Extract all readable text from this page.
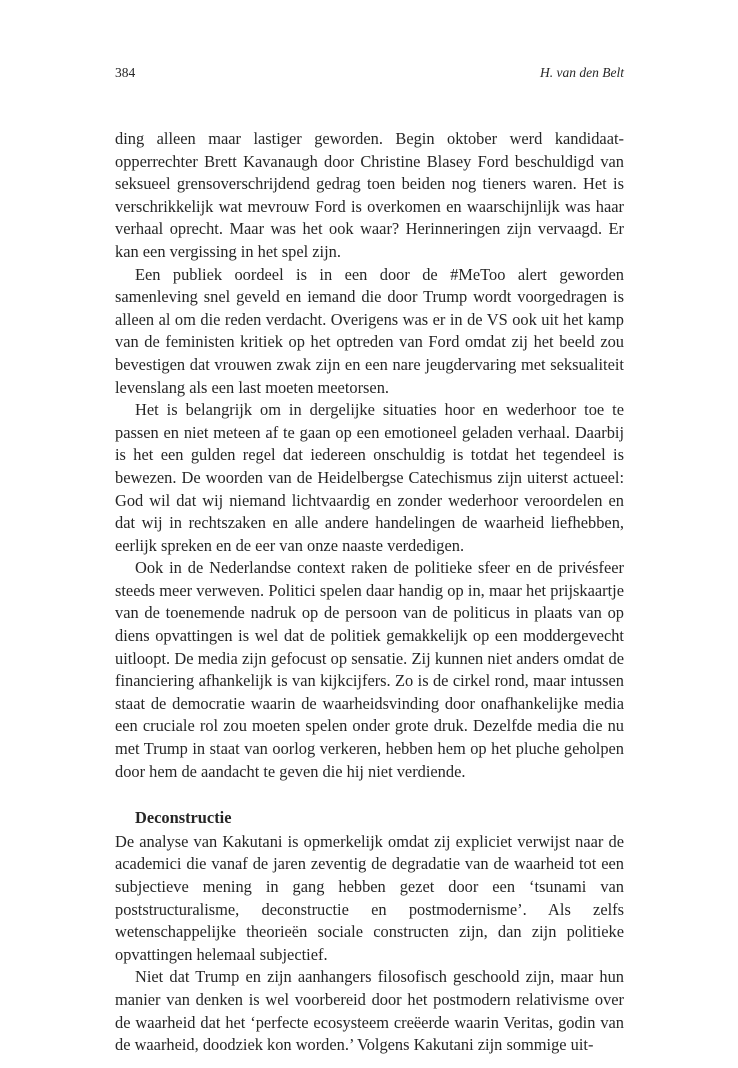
384	H. van den Belt

ding alleen maar lastiger geworden. Begin oktober werd kandidaat-opperrechter Brett Kavanaugh door Christine Blasey Ford beschuldigd van seksueel grensoverschrijdend gedrag toen beiden nog tieners waren. Het is verschrikkelijk wat mevrouw Ford is overkomen en waarschijnlijk was haar verhaal oprecht. Maar was het ook waar? Herinneringen zijn vervaagd. Er kan een vergissing in het spel zijn.

Een publiek oordeel is in een door de #MeToo alert geworden samenleving snel geveld en iemand die door Trump wordt voorgedragen is alleen al om die reden verdacht. Overigens was er in de VS ook uit het kamp van de feministen kritiek op het optreden van Ford omdat zij het beeld zou bevestigen dat vrouwen zwak zijn en een nare jeugdervaring met seksualiteit levenslang als een last moeten meetorsen.

Het is belangrijk om in dergelijke situaties hoor en wederhoor toe te passen en niet meteen af te gaan op een emotioneel geladen verhaal. Daarbij is het een gulden regel dat iedereen onschuldig is totdat het tegendeel is bewezen. De woorden van de Heidelbergse Catechismus zijn uiterst actueel: God wil dat wij niemand lichtvaardig en zonder wederhoor veroordelen en dat wij in rechtszaken en alle andere handelingen de waarheid liefhebben, eerlijk spreken en de eer van onze naaste verdedigen.

Ook in de Nederlandse context raken de politieke sfeer en de privésfeer steeds meer verweven. Politici spelen daar handig op in, maar het prijskaartje van de toenemende nadruk op de persoon van de politicus in plaats van op diens opvattingen is wel dat de politiek gemakkelijk op een moddergevecht uitloopt. De media zijn gefocust op sensatie. Zij kunnen niet anders omdat de financiering afhankelijk is van kijkcijfers. Zo is de cirkel rond, maar intussen staat de democratie waarin de waarheidsvinding door onafhankelijke media een cruciale rol zou moeten spelen onder grote druk. Dezelfde media die nu met Trump in staat van oorlog verkeren, hebben hem op het pluche geholpen door hem de aandacht te geven die hij niet verdiende.

Deconstructie

De analyse van Kakutani is opmerkelijk omdat zij expliciet verwijst naar de academici die vanaf de jaren zeventig de degradatie van de waarheid tot een subjectieve mening in gang hebben gezet door een ‘tsunami van poststructuralisme, deconstructie en postmodernisme’. Als zelfs wetenschappelijke theorieën sociale constructen zijn, dan zijn politieke opvattingen helemaal subjectief.

Niet dat Trump en zijn aanhangers filosofisch geschoold zijn, maar hun manier van denken is wel voorbereid door het postmodern relativisme over de waarheid dat het ‘perfecte ecosysteem creëerde waarin Veritas, godin van de waarheid, doodziek kon worden.’ Volgens Kakutani zijn sommige uit-
